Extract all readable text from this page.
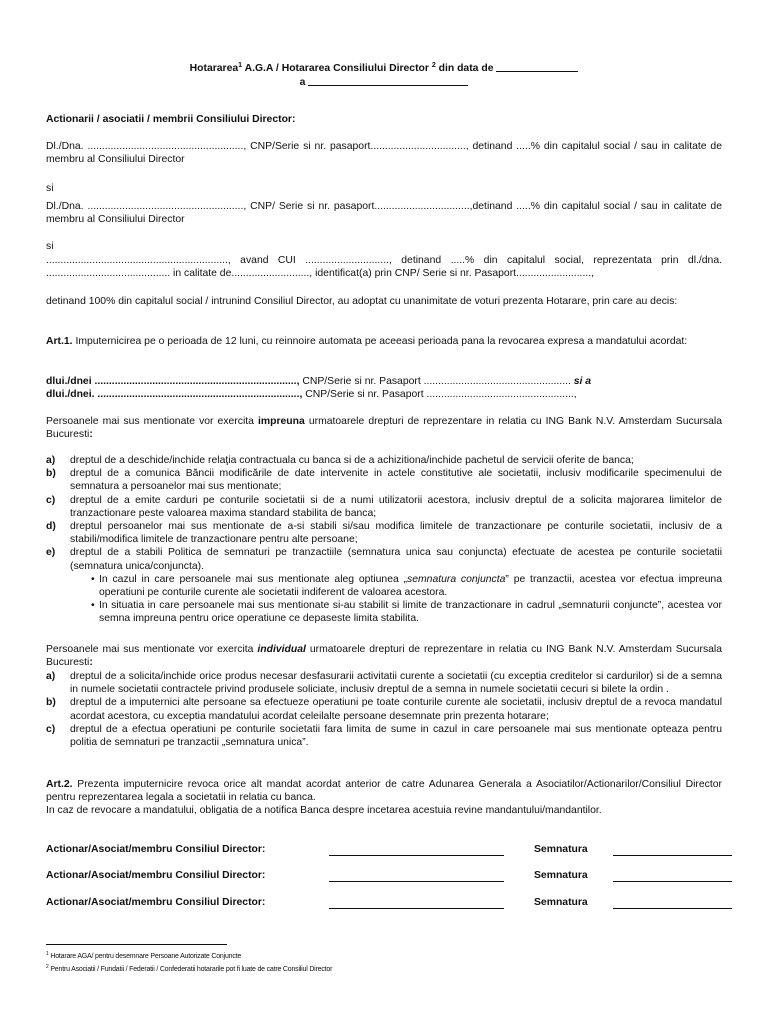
Hotararea$^1$ A.G.A / Hotararea Consiliului Director $^2$ din data de
a
Actionarii / asociatii / membrii Consiliului Director:
Dl./Dna. ......................................................, CNP/Serie si nr. pasaport................................., detinand .....% din capitalul social / sau in calitate de membru al Consiliului Director
si
Dl./Dna. ......................................................, CNP/ Serie si nr. pasaport.................................,detinand .....% din capitalul social / sau in calitate de membru al Consiliului Director
si
..............................................................., avand CUI ............................., detinand .....% din capitalul social, reprezentata prin dl./dna. ........................................... in calitate de..........................., identificat(a) prin CNP/ Serie si nr. Pasaport..........................,
detinand 100% din capitalul social / intrunind Consiliul Director, au adoptat cu unanimitate de voturi prezenta Hotarare, prin care au decis:
Art.1. Imputernicirea pe o perioada de 12 luni, cu reinnoire automata pe aceeasi perioada pana la revocarea expresa a mandatului acordat:
dlui./dnei ......................................................................, CNP/Serie si nr. Pasaport ................................................... si a
dlui./dnei. ......................................................................, CNP/Serie si nr. Pasaport ...................................................,
Persoanele mai sus mentionate vor exercita impreuna urmatoarele drepturi de reprezentare in relatia cu ING Bank N.V. Amsterdam Sucursala Bucuresti:
a) dreptul de a deschide/inchide relaţia contractuala cu banca si de a achizitiona/inchide pachetul de servicii oferite de banca;
b) dreptul de a comunica Băncii modificările de date intervenite in actele constitutive ale societatii, inclusiv modificarile specimenului de semnatura a persoanelor mai sus mentionate;
c) dreptul de a emite carduri pe conturile societatii si de a numi utilizatorii acestora, inclusiv dreptul de a solicita majorarea limitelor de tranzactionare peste valoarea maxima standard stabilita de banca;
d) dreptul persoanelor mai sus mentionate de a-si stabili si/sau modifica limitele de tranzactionare pe conturile societatii, inclusiv de a stabili/modifica limitele de tranzactionare pentru alte persoane;
e) dreptul de a stabili Politica de semnaturi pe tranzactiile (semnatura unica sau conjuncta) efectuate de acestea pe conturile societatii (semnatura unica/conjuncta).
• In cazul in care persoanele mai sus mentionate aleg optiunea „semnatura conjuncta” pe tranzactii, acestea vor efectua impreuna operatiuni pe conturile curente ale societatii indiferent de valoarea acestora.
• In situatia in care persoanele mai sus mentionate si-au stabilit si limite de tranzactionare in cadrul „semnaturii conjuncte”, acestea vor semna impreuna pentru orice operatiune ce depaseste limita stabilita.
Persoanele mai sus mentionate vor exercita individual urmatoarele drepturi de reprezentare in relatia cu ING Bank N.V. Amsterdam Sucursala Bucuresti:
a) dreptul de a solicita/inchide orice produs necesar desfasurarii activitatii curente a societatii (cu exceptia creditelor si cardurilor) si de a semna in numele societatii contractele privind produsele soliciate, inclusiv dreptul de a semna in numele societatii cecuri si bilete la ordin .
b) dreptul de a imputernici alte persoane sa efectueze operatiuni pe toate conturile curente ale societatii, inclusiv dreptul de a revoca mandatul acordat acestora, cu exceptia mandatului acordat celeilalte persoane desemnate prin prezenta hotarare;
c) dreptul de a efectua operatiuni pe conturile societatii fara limita de sume in cazul in care persoanele mai sus mentionate opteaza pentru politia de semnaturi pe tranzactii „semnatura unica”.
Art.2. Prezenta imputernicire revoca orice alt mandat acordat anterior de catre Adunarea Generala a Asociatilor/Actionarilor/Consiliul Director pentru reprezentarea legala a societatii in relatia cu banca.
In caz de revocare a mandatului, obligatia de a notifica Banca despre incetarea acestuia revine mandantului/mandantilor.
Actionar/Asociat/membru Consiliul Director:	Semnatura
Actionar/Asociat/membru Consiliul Director:	Semnatura
Actionar/Asociat/membru Consiliul Director:	Semnatura
$^1$ Hotarare AGA/ pentru desemnare Persoane Autorizate Conjuncte
$^2$ Pentru Asociatii / Fundatii / Federatii / Confederatii hotararile pot fi luate de catre Consiliul Director
